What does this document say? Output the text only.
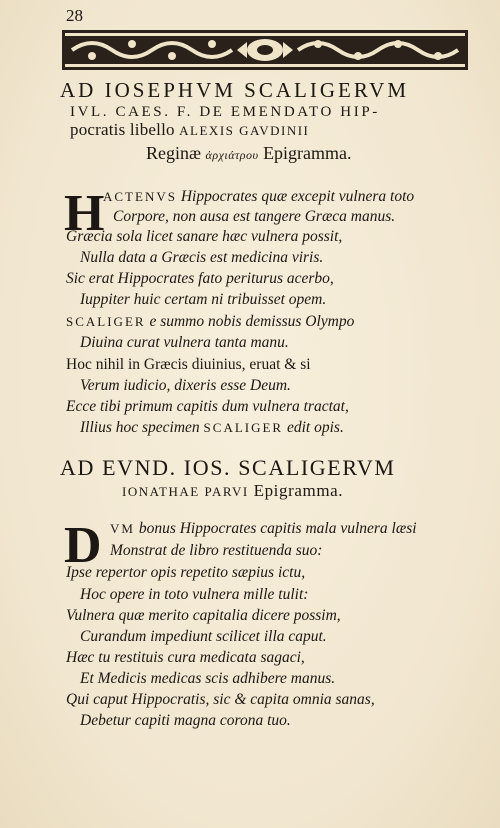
28
AD IOSEPHVM SCALIGERVM
IVL. CAES. F. DE EMENDATO HIP-
pocratis libello ALEXIS GAVDINII
Reginæ ἀρχιάτρου Epigramma.
H
ACTENVS Hippocrates quæ excepit vulnera toto
Corpore, non ausa est tangere Græca manus.
Græcia sola licet sanare hæc vulnera possit,
Nulla data a Græcis est medicina viris.
Sic erat Hippocrates fato periturus acerbo,
Iuppiter huic certam ni tribuisset opem.
SCALIGER e summo nobis demissus Olympo
Diuina curat vulnera tanta manu.
Hoc nihil in Græcis diuinius, eruat & si
Verum iudicio, dixeris esse Deum.
Ecce tibi primum capitis dum vulnera tractat,
Illius hoc specimen SCALIGER edit opis.
AD EVND. IOS. SCALIGERVM
IONATHAE PARVI Epigramma.
D VM bonus Hippocrates capitis mala vulnera læsi
Monstrat de libro restituenda suo:
Ipse repertor opis repetito sæpius ictu,
Hoc opere in toto vulnera mille tulit:
Vulnera quæ merito capitalia dicere possim,
Curandum impediunt scilicet illa caput.
Hæc tu restituis cura medicata sagaci,
Et Medicis medicas scis adhibere manus.
Qui caput Hippocratis, sic & capita omnia sanas,
Debetur capiti magna corona tuo.
